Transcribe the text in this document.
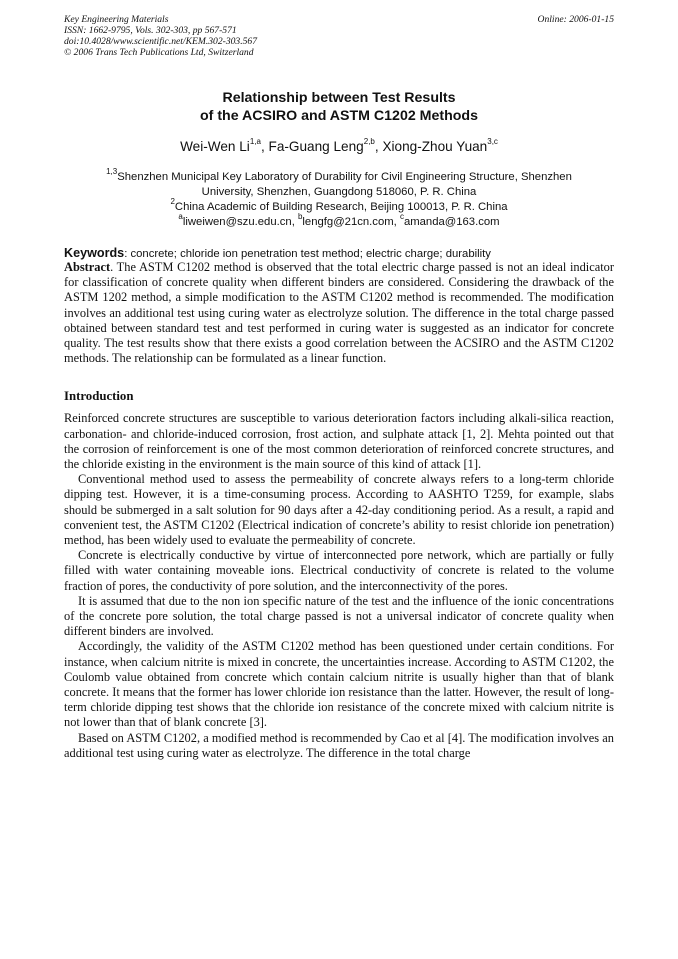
Key Engineering Materials
ISSN: 1662-9795, Vols. 302-303, pp 567-571
doi:10.4028/www.scientific.net/KEM.302-303.567
© 2006 Trans Tech Publications Ltd, Switzerland
Online: 2006-01-15
Relationship between Test Results
of the ACSIRO and ASTM C1202 Methods
Wei-Wen Li$^{1,a}$, Fa-Guang Leng$^{2,b}$, Xiong-Zhou Yuan$^{3,c}$
$^{1,3}$Shenzhen Municipal Key Laboratory of Durability for Civil Engineering Structure, Shenzhen
University, Shenzhen, Guangdong 518060, P. R. China
$^2$China Academic of Building Research, Beijing 100013, P. R. China
$^a$liweiwen@szu.edu.cn, $^b$lengfg@21cn.com, $^c$amanda@163.com
Keywords: concrete; chloride ion penetration test method; electric charge; durability

Abstract. The ASTM C1202 method is observed that the total electric charge passed is not an ideal indicator for classification of concrete quality when different binders are considered. Considering the drawback of the ASTM 1202 method, a simple modification to the ASTM C1202 method is recommended. The modification involves an additional test using curing water as electrolyze solution. The difference in the total charge passed obtained between standard test and test performed in curing water is suggested as an indicator for concrete quality. The test results show that there exists a good correlation between the ACSIRO and the ASTM C1202 methods. The relationship can be formulated as a linear function.

Introduction

Reinforced concrete structures are susceptible to various deterioration factors including alkali-silica reaction, carbonation- and chloride-induced corrosion, frost action, and sulphate attack [1, 2]. Mehta pointed out that the corrosion of reinforcement is one of the most common deterioration of reinforced concrete structures, and the chloride existing in the environment is the main source of this kind of attack [1].

Conventional method used to assess the permeability of concrete always refers to a long-term chloride dipping test. However, it is a time-consuming process. According to AASHTO T259, for example, slabs should be submerged in a salt solution for 90 days after a 42-day conditioning period. As a result, a rapid and convenient test, the ASTM C1202 (Electrical indication of concrete’s ability to resist chloride ion penetration) method, has been widely used to evaluate the permeability of concrete.

Concrete is electrically conductive by virtue of interconnected pore network, which are partially or fully filled with water containing moveable ions. Electrical conductivity of concrete is related to the volume fraction of pores, the conductivity of pore solution, and the interconnectivity of the pores.

It is assumed that due to the non ion specific nature of the test and the influence of the ionic concentrations of the concrete pore solution, the total charge passed is not a universal indicator of concrete quality when different binders are involved.

Accordingly, the validity of the ASTM C1202 method has been questioned under certain conditions. For instance, when calcium nitrite is mixed in concrete, the uncertainties increase. According to ASTM C1202, the Coulomb value obtained from concrete which contain calcium nitrite is usually higher than that of blank concrete. It means that the former has lower chloride ion resistance than the latter. However, the result of long-term chloride dipping test shows that the chloride ion resistance of the concrete mixed with calcium nitrite is not lower than that of blank concrete [3].

Based on ASTM C1202, a modified method is recommended by Cao et al [4]. The modification involves an additional test using curing water as electrolyze. The difference in the total charge
